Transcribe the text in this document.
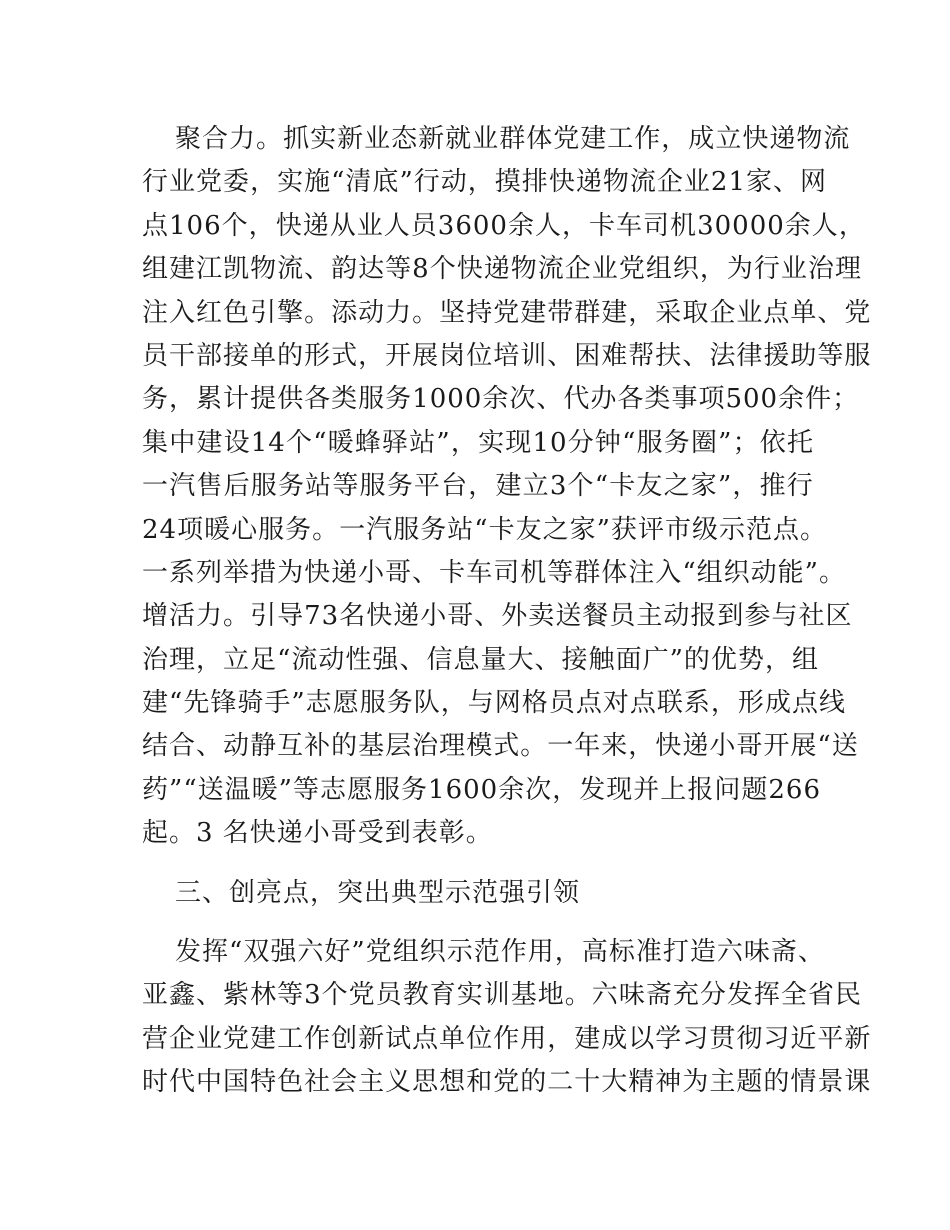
聚 合 力 。 抓 实 新 业 态 新 就 业 群 体 党 建 工 作 ， 成 立 快 递 物 流
行 业 党 委 ， 实 施 “ 清 底 ” 行 动 ， 摸 排 快 递 物 流 企 业 21 家 、 网
点 106 个 ， 快 递 从 业 人 员 3600 余 人 ， 卡 车 司 机 30000 余 人 ，
组 建 江 凯 物 流 、 韵 达 等 8 个 快 递 物 流 企 业 党 组 织 ， 为 行 业 治 理
注 入 红 色 引 擎 。 添 动 力 。 坚 持 党 建 带 群 建 ， 采 取 企 业 点 单 、 党
员 干 部 接 单 的 形 式 ， 开 展 岗 位 培 训 、 困 难 帮 扶 、 法 律 援 助 等 服
务 ， 累 计 提 供 各 类 服 务 1000 余 次 、 代 办 各 类 事 项 500 余 件 ；
集 中 建 设 14 个 “ 暖 蜂 驿 站 ” ， 实 现 10 分 钟 “ 服 务 圈 ” ； 依 托
一 汽 售 后 服 务 站 等 服 务 平 台 ， 建 立 3 个 “ 卡 友 之 家 ” ， 推 行
24 项 暖 心 服 务 。 一 汽 服 务 站 “ 卡 友 之 家 ” 获 评 市 级 示 范 点 。
一 系 列 举 措 为 快 递 小 哥 、 卡 车 司 机 等 群 体 注 入 “ 组 织 动 能 ” 。
增 活 力 。 引 导 73 名 快 递 小 哥 、 外 卖 送 餐 员 主 动 报 到 参 与 社 区
治 理 ， 立 足 “ 流 动 性 强 、 信 息 量 大 、 接 触 面 广 ” 的 优 势 ， 组
建 “ 先 锋 骑 手 ” 志 愿 服 务 队 ， 与 网 格 员 点 对 点 联 系 ， 形 成 点 线
结 合 、 动 静 互 补 的 基 层 治 理 模 式 。 一 年 来 ， 快 递 小 哥 开 展 “ 送
药 ” “ 送 温 暖 ” 等 志 愿 服 务 1600 余 次 ， 发 现 并 上 报 问 题 266
起。3 名快递小哥受到表彰。
三、创亮点，突出典型示范强引领
发 挥 “ 双 强 六 好 ” 党 组 织 示 范 作 用 ， 高 标 准 打 造 六 味 斋 、
亚 鑫 、 紫 林 等 3 个 党 员 教 育 实 训 基 地 。 六 味 斋 充 分 发 挥 全 省 民
营 企 业 党 建 工 作 创 新 试 点 单 位 作 用 ， 建 成 以 学 习 贯 彻 习 近 平 新
时 代 中 国 特 色 社 会 主 义 思 想 和 党 的 二 十 大 精 神 为 主 题 的 情 景 课
